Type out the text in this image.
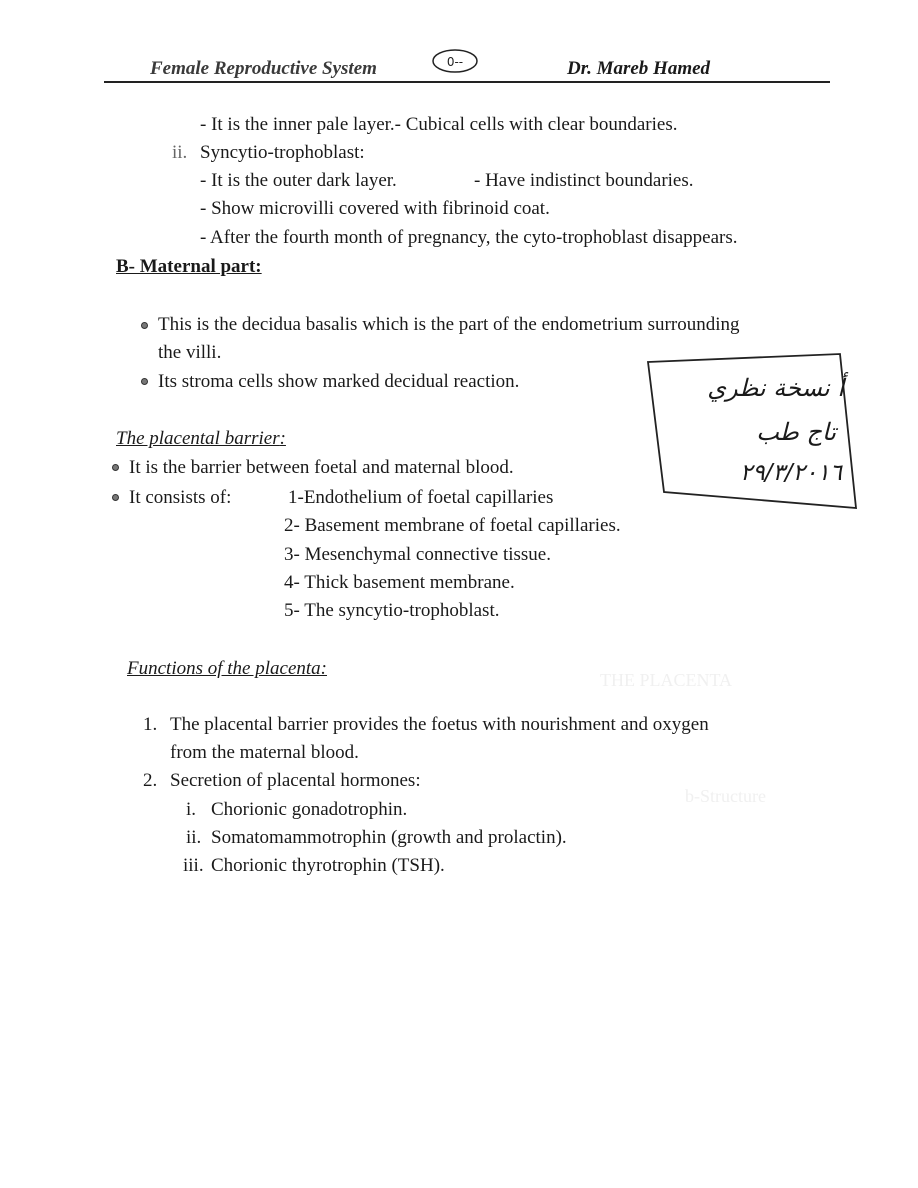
Female Reproductive System	0--	Dr. Mareb Hamed
THE PLACENTA
b-Structure
- It is the inner pale layer.- Cubical cells with clear boundaries.
ii. Syncytio-trophoblast:
- It is the outer dark layer.	- Have indistinct boundaries.
- Show microvilli covered with fibrinoid coat.
- After the fourth month of pregnancy, the cyto-trophoblast disappears.
B- Maternal part:
This is the decidua basalis which is the part of the endometrium surrounding
the villi.
Its stroma cells show marked decidual reaction.	أ نسخة نظري
تاج طب
٢٩/٣/٢٠١٦
The placental barrier:
It is the barrier between foetal and maternal blood.
It consists of:	1-Endothelium of foetal capillaries
2- Basement membrane of foetal capillaries.
3- Mesenchymal connective tissue.
4- Thick basement membrane.
5- The syncytio-trophoblast.
Functions of the placenta:
1. The placental barrier provides the foetus with nourishment and oxygen
from the maternal blood.
2. Secretion of placental hormones:
i. Chorionic gonadotrophin.
ii. Somatomammotrophin (growth and prolactin).
iii. Chorionic thyrotrophin (TSH).
